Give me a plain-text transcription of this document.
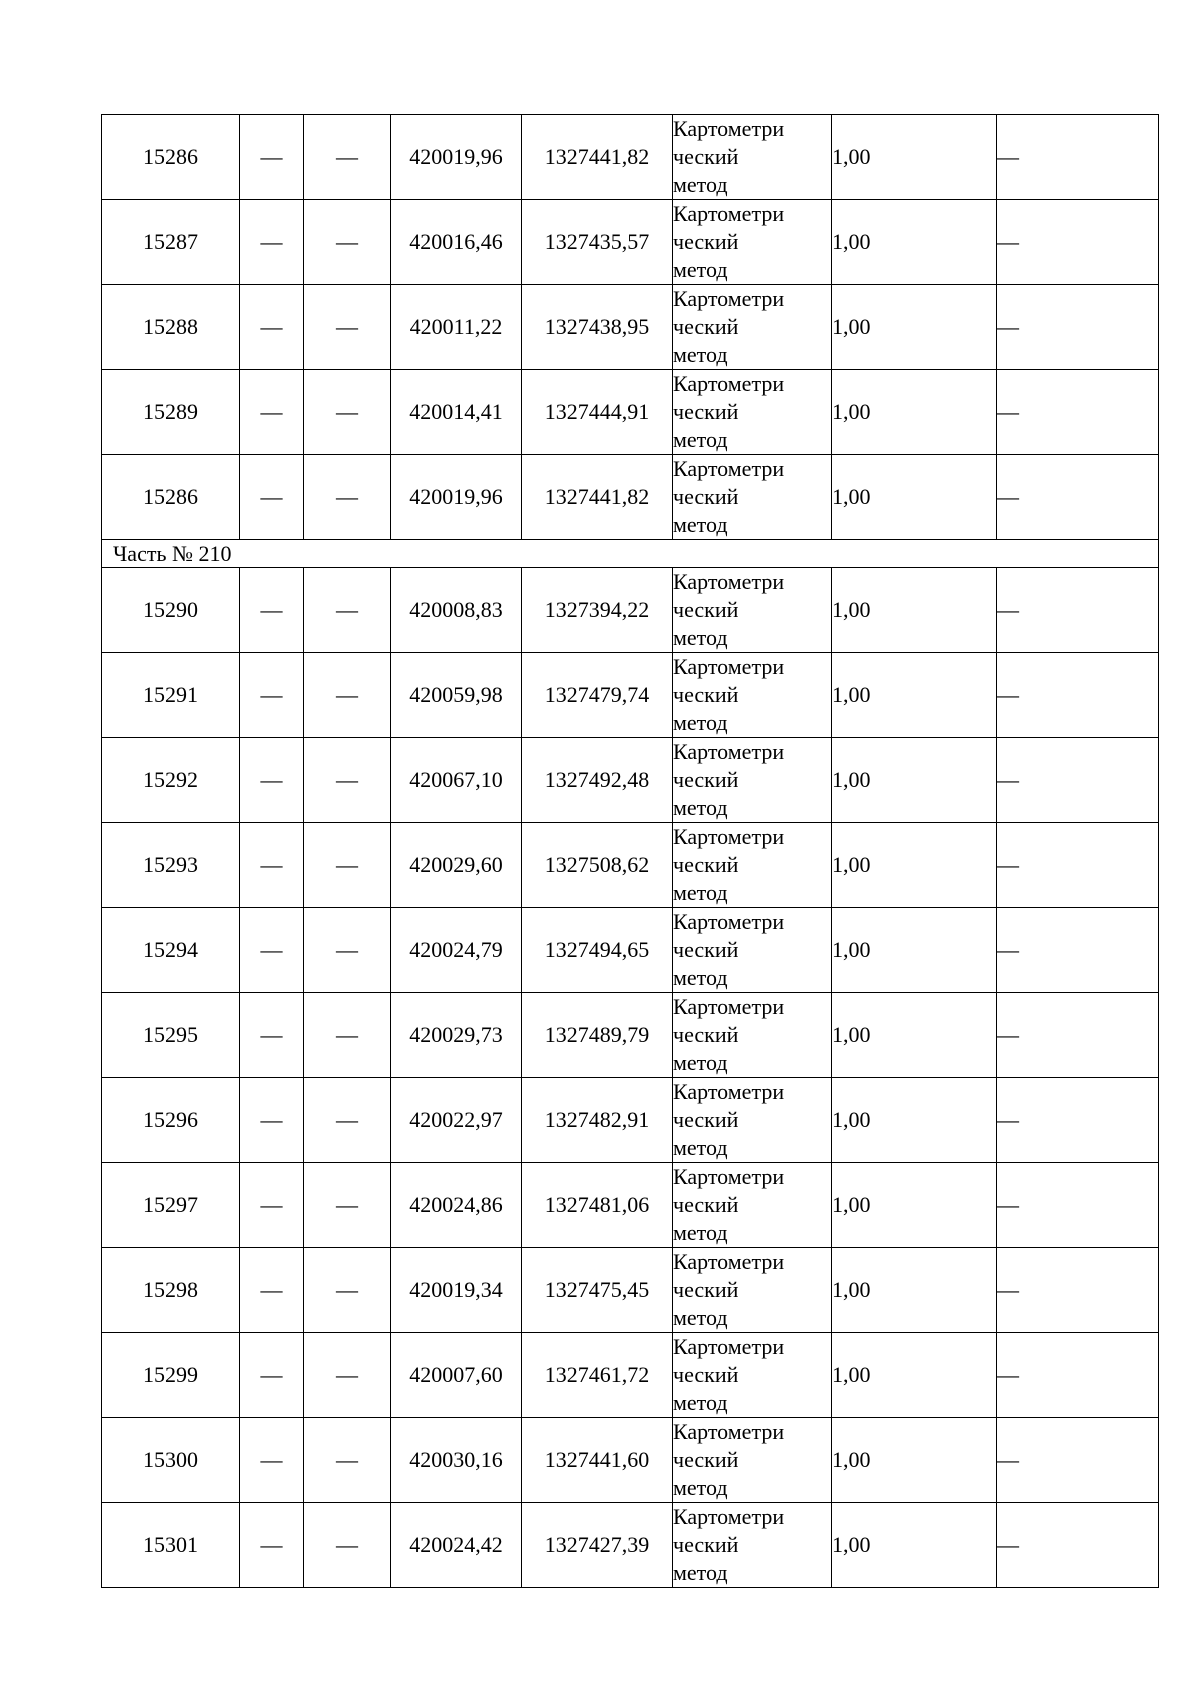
15286	—	—	420019,96	1327441,82	Картометри
ческий
метод	1,00	—
15287	—	—	420016,46	1327435,57	Картометри
ческий
метод	1,00	—
15288	—	—	420011,22	1327438,95	Картометри
ческий
метод	1,00	—
15289	—	—	420014,41	1327444,91	Картометри
ческий
метод	1,00	—
15286	—	—	420019,96	1327441,82	Картометри
ческий
метод	1,00	—
Часть № 210							
15290	—	—	420008,83	1327394,22	Картометри
ческий
метод	1,00	—
15291	—	—	420059,98	1327479,74	Картометри
ческий
метод	1,00	—
15292	—	—	420067,10	1327492,48	Картометри
ческий
метод	1,00	—
15293	—	—	420029,60	1327508,62	Картометри
ческий
метод	1,00	—
15294	—	—	420024,79	1327494,65	Картометри
ческий
метод	1,00	—
15295	—	—	420029,73	1327489,79	Картометри
ческий
метод	1,00	—
15296	—	—	420022,97	1327482,91	Картометри
ческий
метод	1,00	—
15297	—	—	420024,86	1327481,06	Картометри
ческий
метод	1,00	—
15298	—	—	420019,34	1327475,45	Картометри
ческий
метод	1,00	—
15299	—	—	420007,60	1327461,72	Картометри
ческий
метод	1,00	—
15300	—	—	420030,16	1327441,60	Картометри
ческий
метод	1,00	—
15301	—	—	420024,42	1327427,39	Картометри
ческий
метод	1,00	—
